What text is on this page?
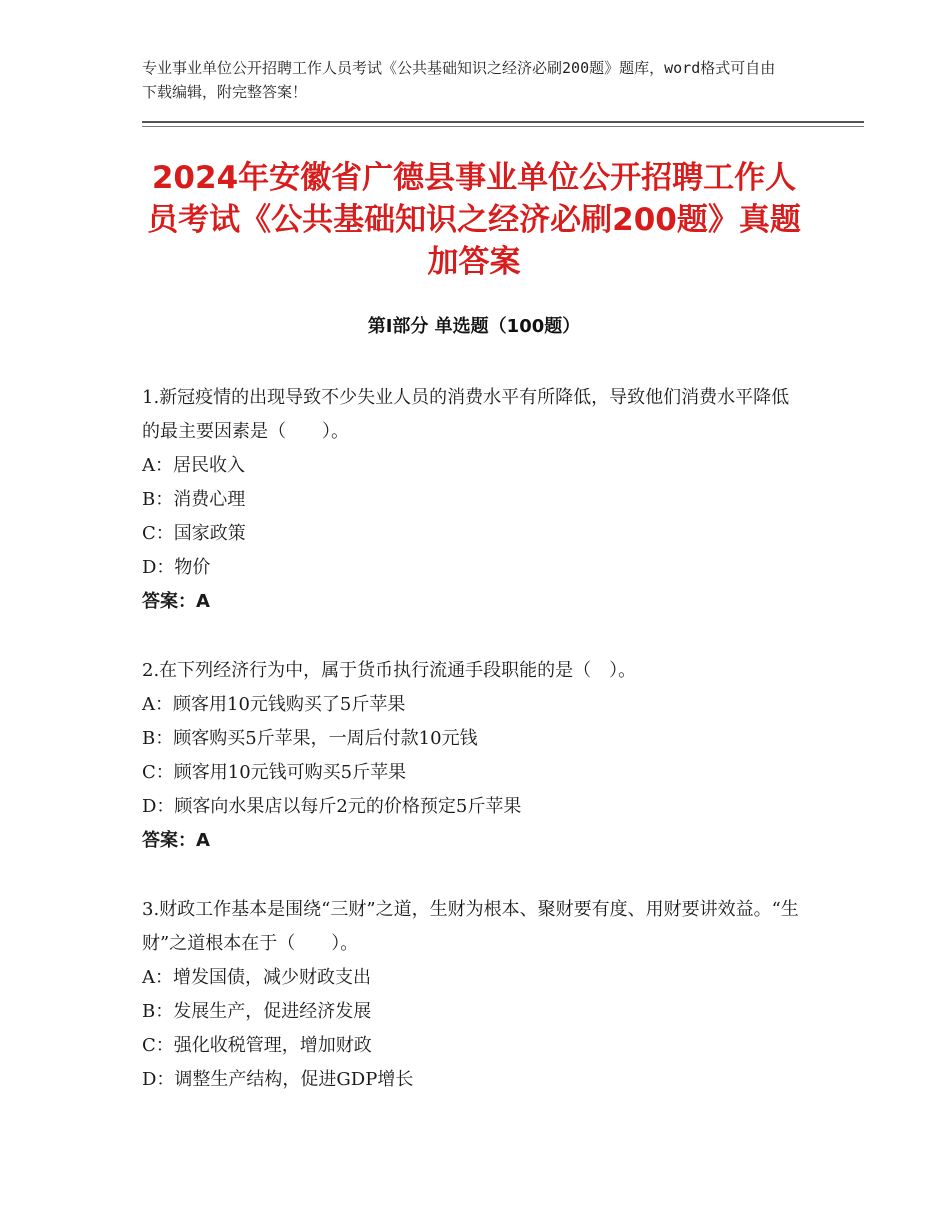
专业事业单位公开招聘工作人员考试《公共基础知识之经济必刷200题》题库，word格式可自由下载编辑，附完整答案！
2024年安徽省广德县事业单位公开招聘工作人员考试《公共基础知识之经济必刷200题》真题加答案
第Ⅰ部分 单选题（100题）

1.新冠疫情的出现导致不少失业人员的消费水平有所降低，导致他们消费水平降低的最主要因素是（　　）。

A：居民收入

B：消费心理

C：国家政策

D：物价

答案：A

2.在下列经济行为中，属于货币执行流通手段职能的是（　）。

A：顾客用10元钱购买了5斤苹果

B：顾客购买5斤苹果，一周后付款10元钱

C：顾客用10元钱可购买5斤苹果

D：顾客向水果店以每斤2元的价格预定5斤苹果

答案：A

3.财政工作基本是围绕“三财”之道，生财为根本、聚财要有度、用财要讲效益。“生财”之道根本在于（　　）。

A：增发国债，减少财政支出

B：发展生产，促进经济发展

C：强化收税管理，增加财政

D：调整生产结构，促进GDP增长
